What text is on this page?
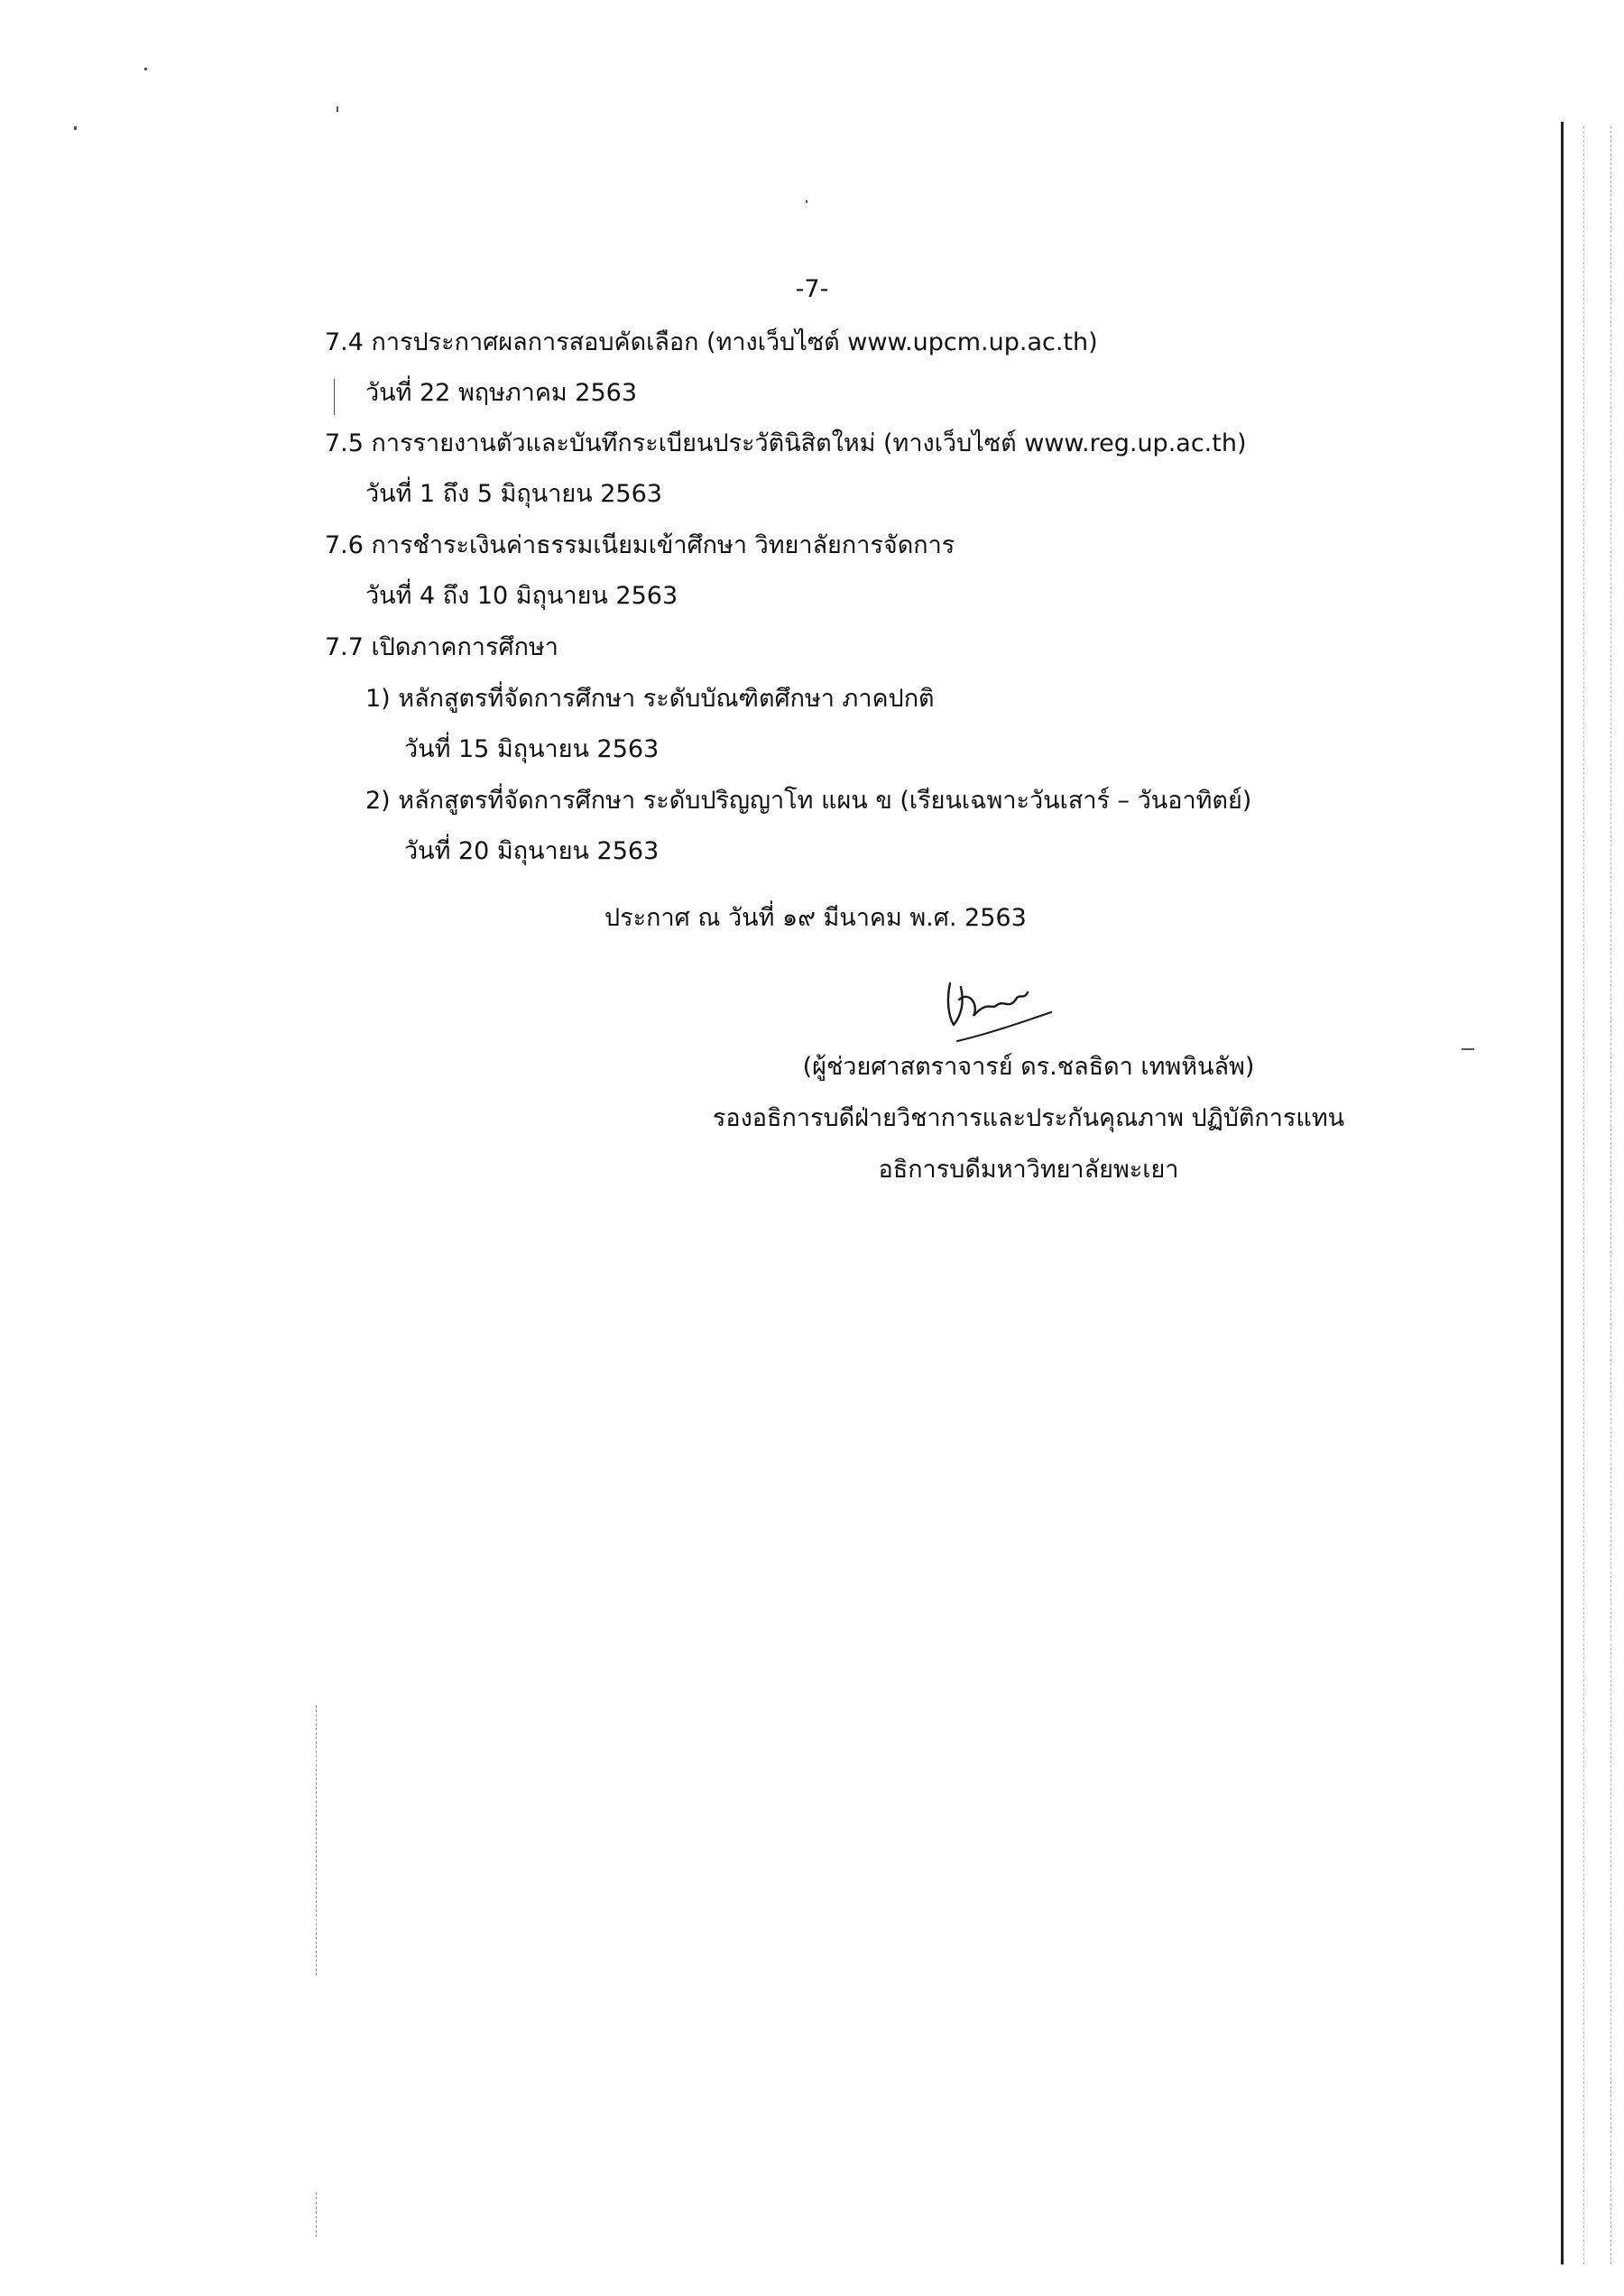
-7-
7.4 การประกาศผลการสอบคัดเลือก (ทางเว็บไซต์ www.upcm.up.ac.th)
วันที่ 22 พฤษภาคม 2563
7.5 การรายงานตัวและบันทึกระเบียนประวัตินิสิตใหม่ (ทางเว็บไซต์ www.reg.up.ac.th)
วันที่ 1 ถึง 5 มิถุนายน 2563
7.6 การชำระเงินค่าธรรมเนียมเข้าศึกษา วิทยาลัยการจัดการ
วันที่ 4 ถึง 10 มิถุนายน 2563
7.7 เปิดภาคการศึกษา
1) หลักสูตรที่จัดการศึกษา ระดับบัณฑิตศึกษา ภาคปกติ
วันที่ 15 มิถุนายน 2563
2) หลักสูตรที่จัดการศึกษา ระดับปริญญาโท แผน ข (เรียนเฉพาะวันเสาร์ – วันอาทิตย์)
วันที่ 20 มิถุนายน 2563
ประกาศ ณ วันที่ ๑๙ มีนาคม พ.ศ. 2563
(ผู้ช่วยศาสตราจารย์ ดร.ชลธิดา เทพหินลัพ)
รองอธิการบดีฝ่ายวิชาการและประกันคุณภาพ ปฏิบัติการแทน
อธิการบดีมหาวิทยาลัยพะเยา
